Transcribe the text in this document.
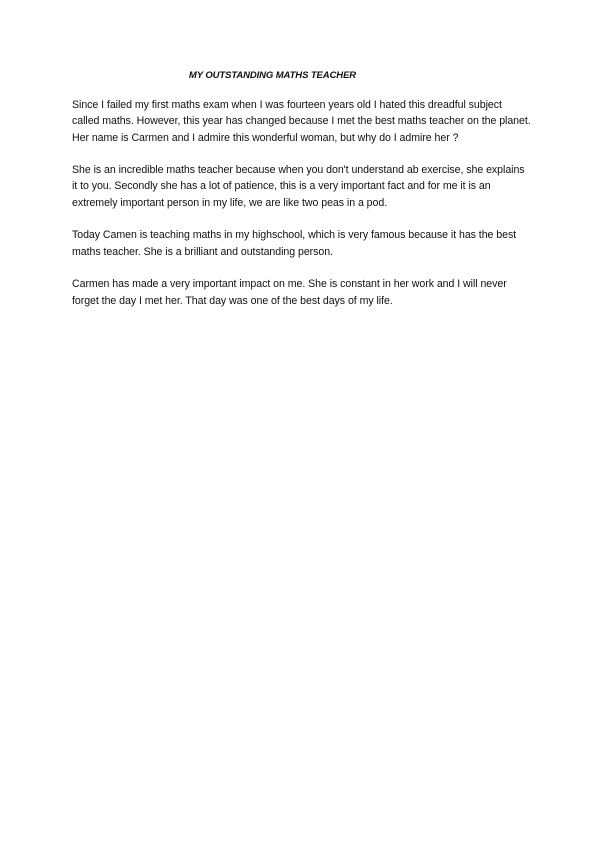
MY OUTSTANDING MATHS TEACHER

Since I failed my first maths exam when I was fourteen years old I hated this dreadful subject called maths. However, this year has changed because I met the best maths teacher on the planet. Her name is Carmen and I admire this wonderful woman, but why do I admire her ?

She is an incredible maths teacher because when you don't understand ab exercise, she explains it to you. Secondly she has a lot of patience, this is a very important fact and for me it is an extremely important person in my life, we are like two peas in a pod.

Today Camen is teaching maths in my highschool, which is very famous because it has the best maths teacher. She is a brilliant and outstanding person.

Carmen has made a very important impact on me. She is constant in her work and I will never forget the day I met her. That day was one of the best days of my life.
